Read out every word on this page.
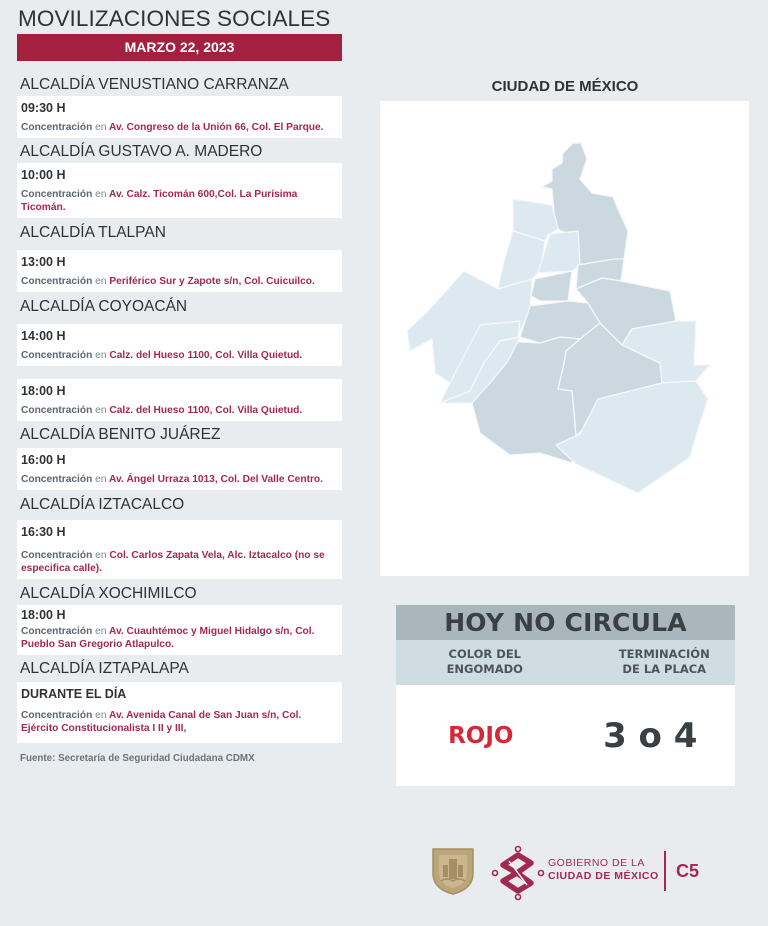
MOVILIZACIONES SOCIALES
MARZO 22, 2023
ALCALDÍA VENUSTIANO CARRANZA
09:30 H
Concentración en Av. Congreso de la Unión 66, Col. El Parque.
ALCALDÍA GUSTAVO A. MADERO
10:00 H
Concentración en Av. Calz. Ticomán 600,Col. La Purísima Ticomán.
ALCALDÍA TLALPAN
13:00 H
Concentración en Periférico Sur y Zapote s/n, Col. Cuicuilco.
ALCALDÍA COYOACÁN
14:00 H
Concentración en Calz. del Hueso 1100, Col. Villa Quietud.
18:00 H
Concentración en Calz. del Hueso 1100, Col. Villa Quietud.
ALCALDÍA BENITO JUÁREZ
16:00 H
Concentración en Av. Ángel Urraza 1013, Col. Del Valle Centro.
ALCALDÍA IZTACALCO
16:30 H
Concentración en Col. Carlos Zapata Vela, Alc. Iztacalco (no se especifica calle).
ALCALDÍA XOCHIMILCO
18:00 H
Concentración en Av. Cuauhtémoc y Miguel Hidalgo s/n, Col. Pueblo San Gregorio Atlapulco.
ALCALDÍA IZTAPALAPA
DURANTE EL DÍA
Concentración en Av. Avenida Canal de San Juan s/n, Col. Ejército Constitucionalista I II y III,
Fuente: Secretaría de Seguridad Ciudadana CDMX
CIUDAD DE MÉXICO
HOY NO CIRCULA
COLOR DEL ENGOMADO
TERMINACIÓN DE LA PLACA
ROJO	3 o 4
GOBIERNO DE LA
CIUDAD DE MÉXICO C5
